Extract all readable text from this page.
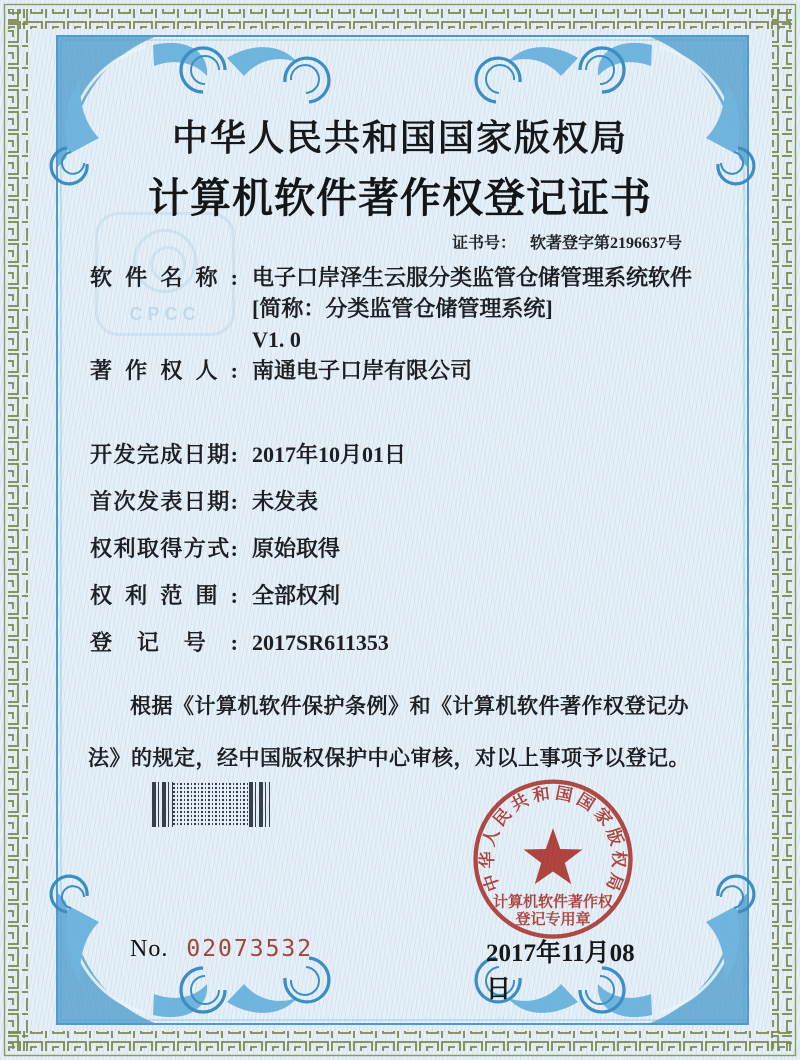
CPCC
中华人民共和国国家版权局
计算机软件著作权登记证书
证书号： 软著登字第2196637号
软件名称: 电子口岸泽生云服分类监管仓储管理系统软件
[简称：分类监管仓储管理系统]
V1. 0
著作权人: 南通电子口岸有限公司
开发完成日期: 2017年10月01日
首次发表日期: 未发表
权利取得方式: 原始取得
权利范围: 全部权利
登记号: 2017SR611353
根据《计算机软件保护条例》和《计算机软件著作权登记办法》的规定，经中国版权保护中心审核，对以上事项予以登记。
中华人民共和国国家版权局
计算机软件著作权
登记专用章
2017年11月08日
No. 02073532
